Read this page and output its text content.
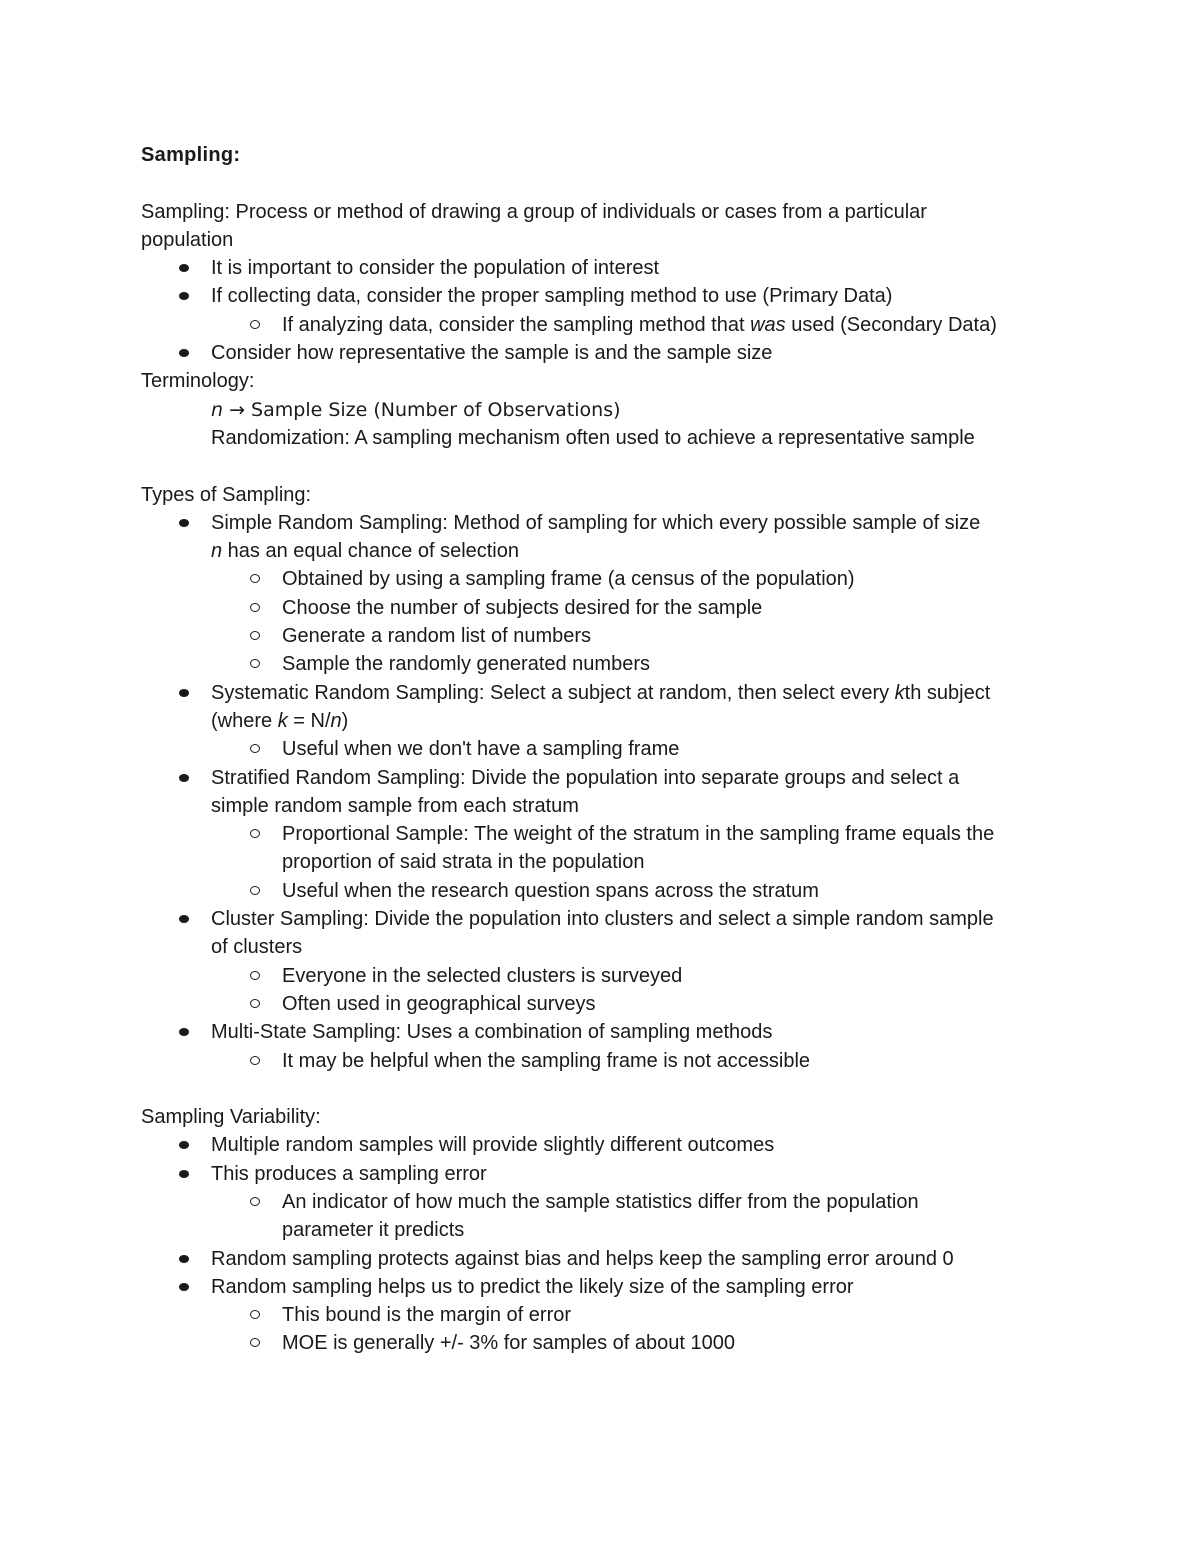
Sampling:
Sampling: Process or method of drawing a group of individuals or cases from a particular
population
It is important to consider the population of interest
If collecting data, consider the proper sampling method to use (Primary Data)
If analyzing data, consider the sampling method that was used (Secondary Data)
Consider how representative the sample is and the sample size
Terminology:
n → Sample Size (Number of Observations)
Randomization: A sampling mechanism often used to achieve a representative sample
Types of Sampling:
Simple Random Sampling: Method of sampling for which every possible sample of size
n has an equal chance of selection
Obtained by using a sampling frame (a census of the population)
Choose the number of subjects desired for the sample
Generate a random list of numbers
Sample the randomly generated numbers
Systematic Random Sampling: Select a subject at random, then select every kth subject
(where k = N/n)
Useful when we don't have a sampling frame
Stratified Random Sampling: Divide the population into separate groups and select a
simple random sample from each stratum
Proportional Sample: The weight of the stratum in the sampling frame equals the
proportion of said strata in the population
Useful when the research question spans across the stratum
Cluster Sampling: Divide the population into clusters and select a simple random sample
of clusters
Everyone in the selected clusters is surveyed
Often used in geographical surveys
Multi-State Sampling: Uses a combination of sampling methods
It may be helpful when the sampling frame is not accessible
Sampling Variability:
Multiple random samples will provide slightly different outcomes
This produces a sampling error
An indicator of how much the sample statistics differ from the population
parameter it predicts
Random sampling protects against bias and helps keep the sampling error around 0
Random sampling helps us to predict the likely size of the sampling error
This bound is the margin of error
MOE is generally +/- 3% for samples of about 1000
